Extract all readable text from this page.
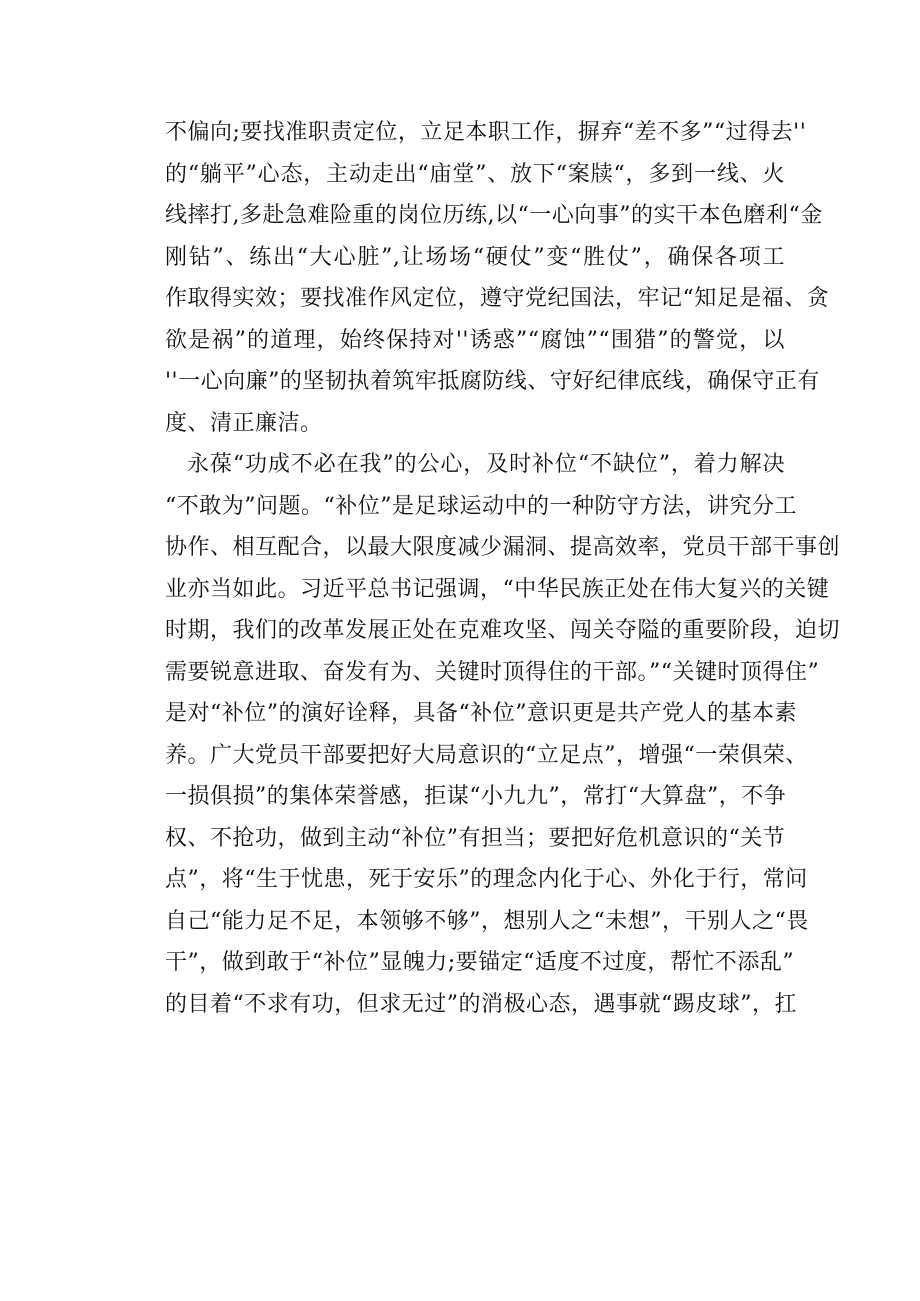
不偏向;要找准职责定位，立足本职工作，摒弃“差不多”“过得去''
的“躺平”心态，主动走出“庙堂”、放下“案牍“，多到一线、火
线摔打,多赴急难险重的岗位历练,以“一心向事”的实干本色磨利“金
刚钻”、练出“大心脏”,让场场“硬仗”变“胜仗”，确保各项工
作取得实效；要找准作风定位，遵守党纪国法，牢记“知足是福、贪
欲是祸”的道理，始终保持对''诱惑”“腐蚀”“围猎”的警觉，以
''一心向廉”的坚韧执着筑牢抵腐防线、守好纪律底线，确保守正有
度、清正廉洁。
永葆“功成不必在我”的公心，及时补位“不缺位”，着力解决
“不敢为”问题。“补位”是足球运动中的一种防守方法，讲究分工
协作、相互配合，以最大限度减少漏洞、提高效率，党员干部干事创
业亦当如此。习近平总书记强调，“中华民族正处在伟大复兴的关键
时期，我们的改革发展正处在克难攻坚、闯关夺隘的重要阶段，迫切
需要锐意进取、奋发有为、关键时顶得住的干部。”“关键时顶得住”
是对“补位”的演好诠释，具备“补位”意识更是共产党人的基本素
养。广大党员干部要把好大局意识的“立足点”，增强“一荣俱荣、
一损俱损”的集体荣誉感，拒谋“小九九”，常打“大算盘”，不争
权、不抢功，做到主动“补位”有担当；要把好危机意识的“关节
点”，将“生于忧患，死于安乐”的理念内化于心、外化于行，常问
自己“能力足不足，本领够不够”，想别人之“未想”，干别人之“畏
干”，做到敢于“补位”显魄力;要锚定“适度不过度，帮忙不添乱”
的目着“不求有功，但求无过”的消极心态，遇事就“踢皮球”，扛
